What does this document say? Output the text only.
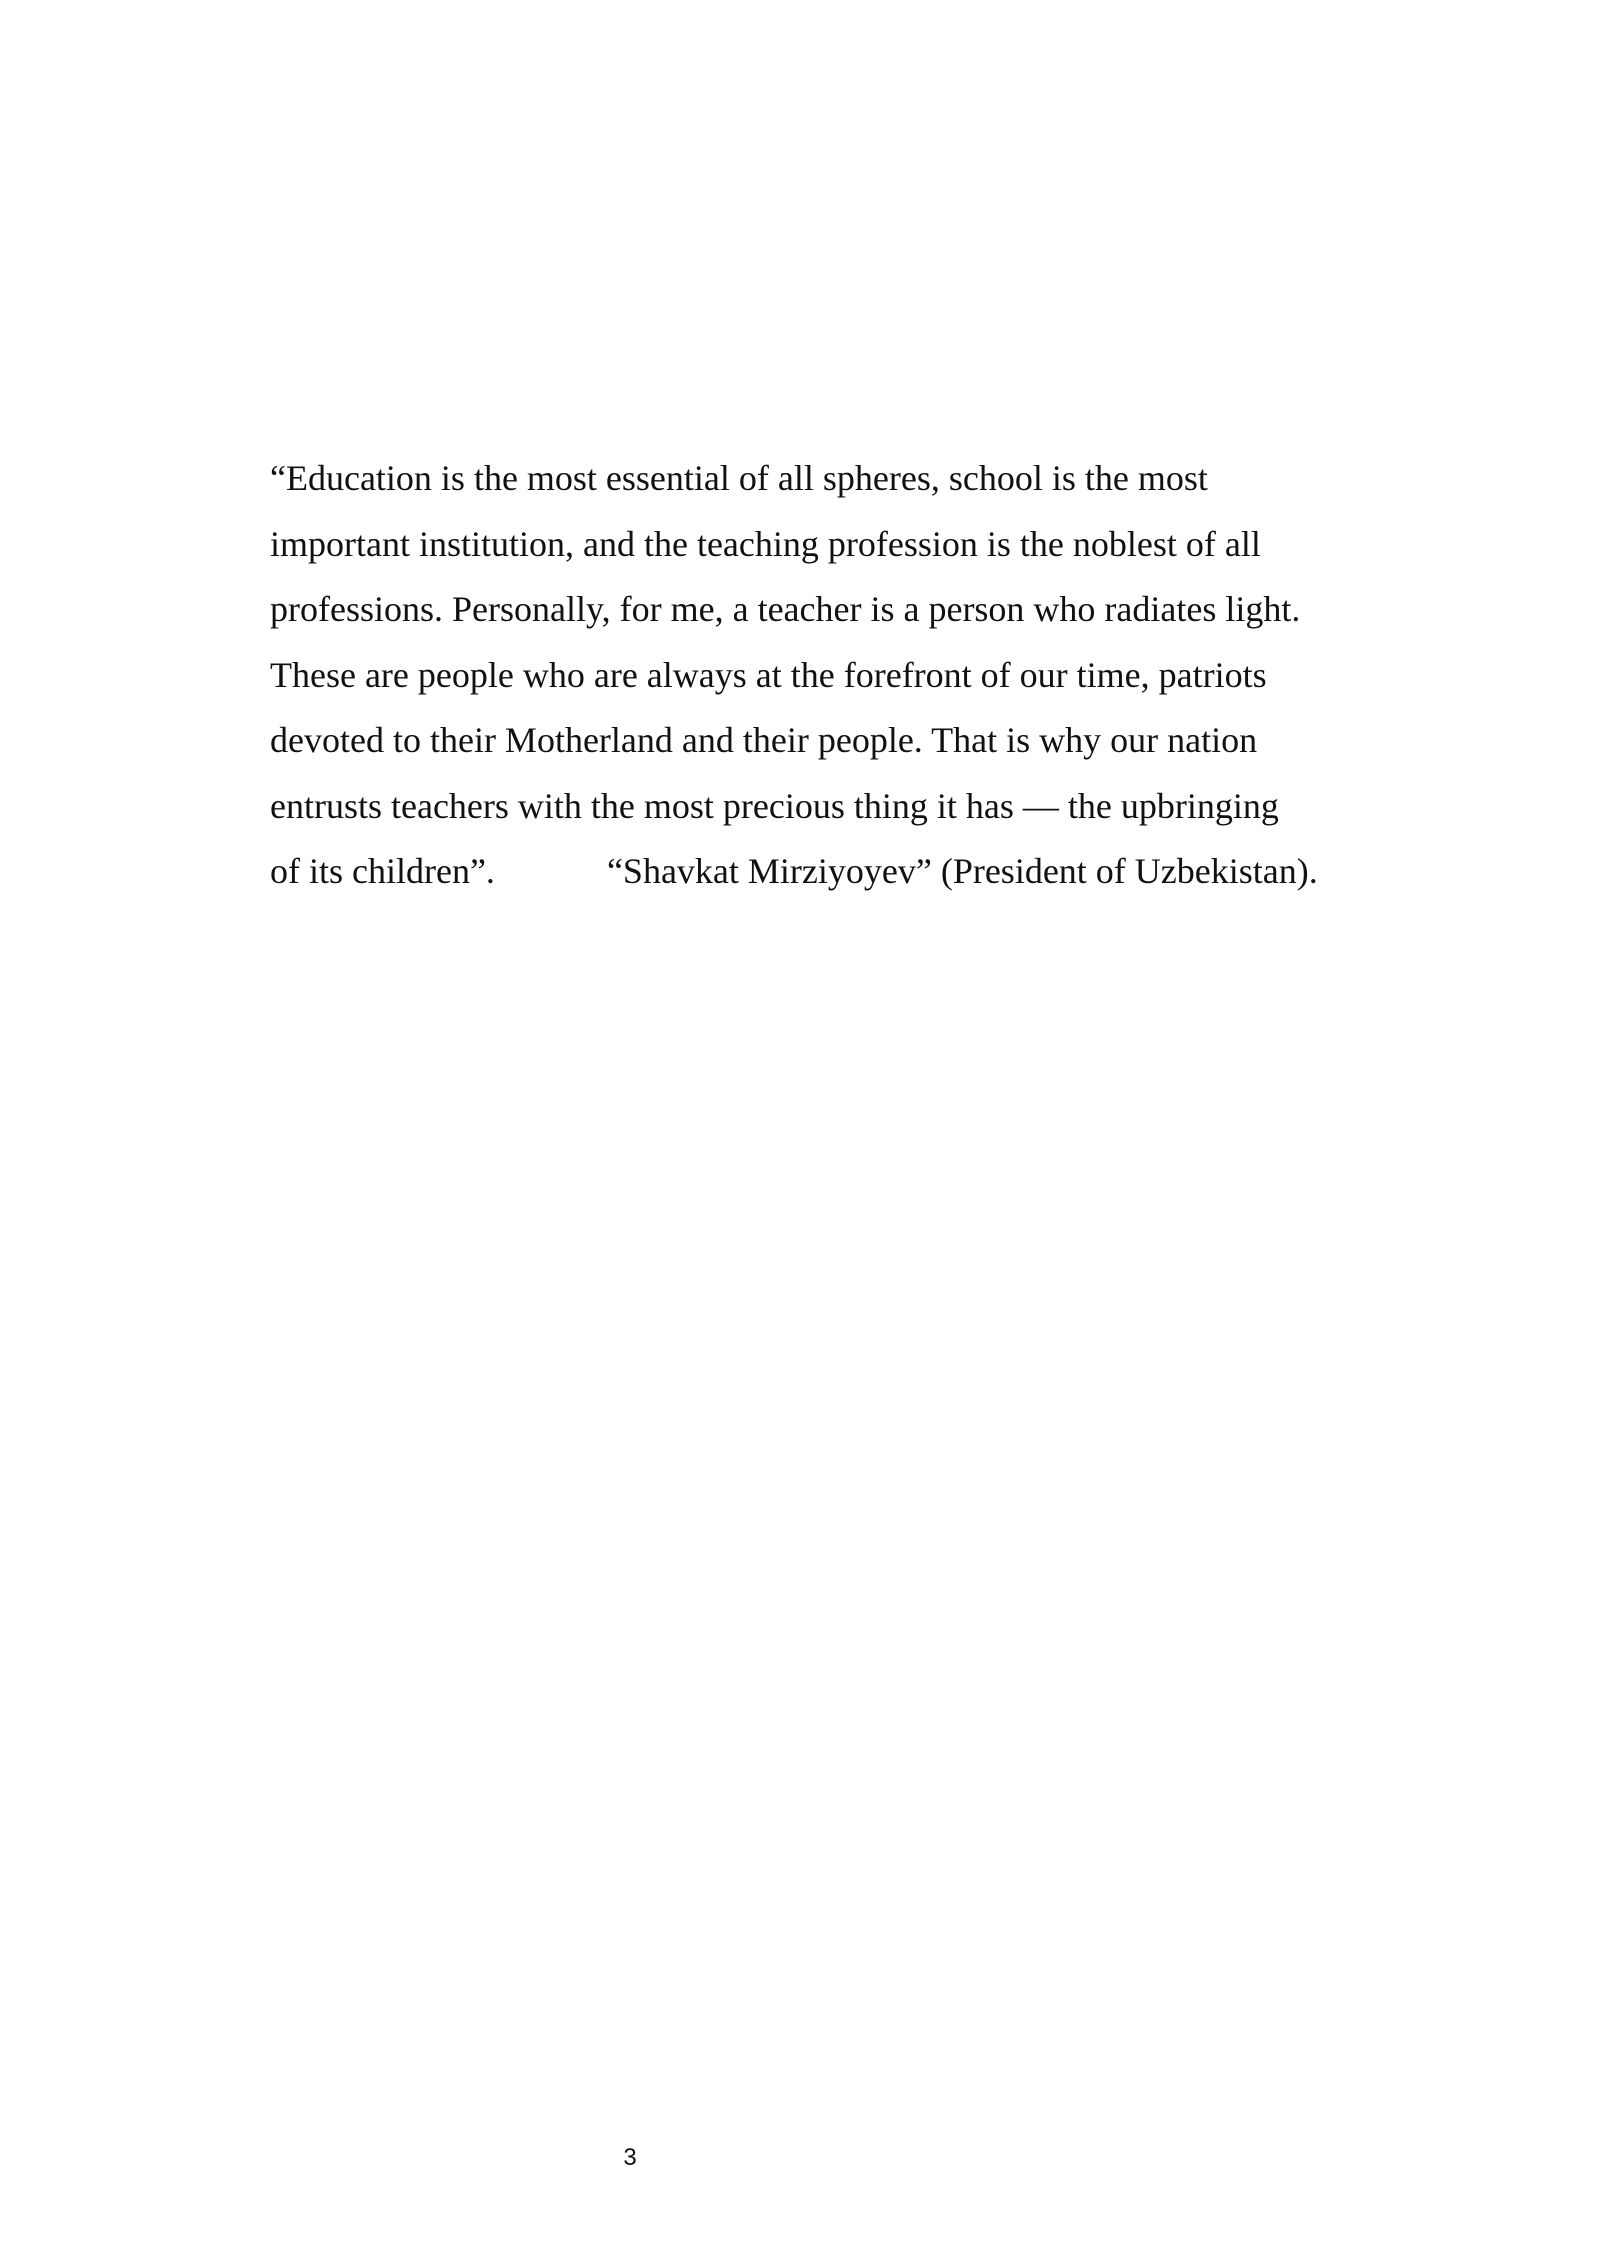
“Education is the most essential of all spheres, school is the most
important institution, and the teaching profession is the noblest of all
professions. Personally, for me, a teacher is a person who radiates light.
These are people who are always at the forefront of our time, patriots
devoted to their Motherland and their people. That is why our nation
entrusts teachers with the most precious thing it has — the upbringing
of its children”.	“Shavkat Mirziyoyev” (President of Uzbekistan).
3
